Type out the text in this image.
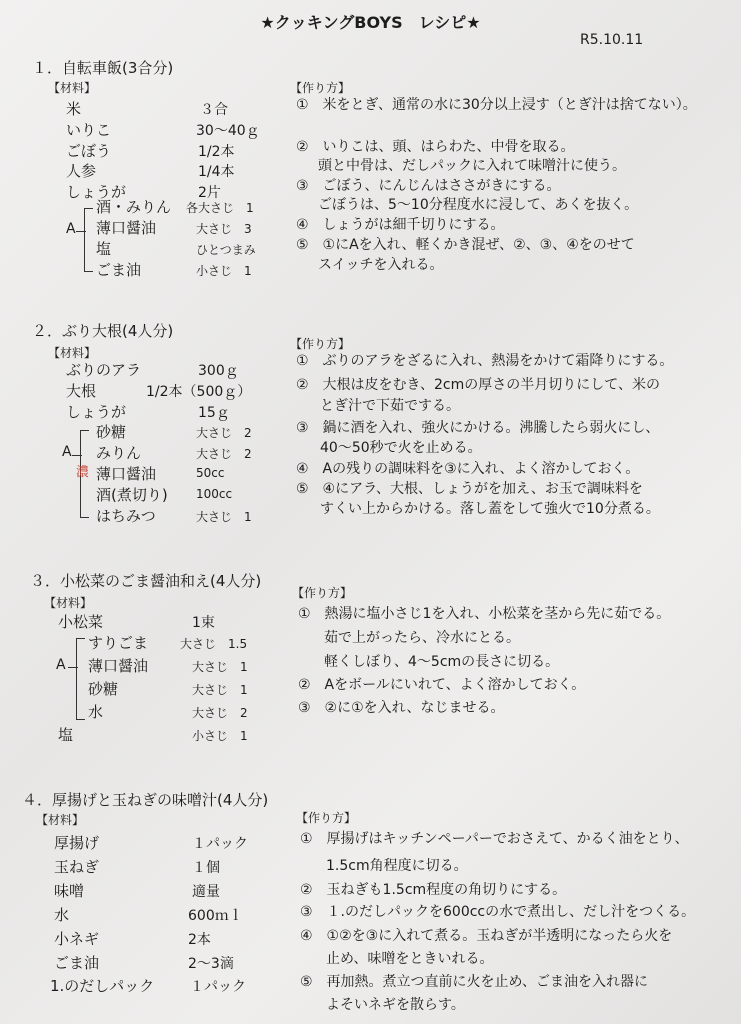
★クッキングBOYS　レシピ★
R5.10.11
１．自転車飯(3合分)
【材料】	【作り方】
米	３合
いりこ	30～40ｇ
ごぼう	1/2本
人参	1/4本
しょうが	2片
A
酒・みりん 各大さじ　1
薄口醤油	大さじ　3
塩	ひとつまみ
ごま油	小さじ　1
①　米をとぎ、通常の水に30分以上浸す（とぎ汁は捨てない）。
②　いりこは、頭、はらわた、中骨を取る。
頭と中骨は、だしパックに入れて味噌汁に使う。
③　ごぼう、にんじんはささがきにする。
ごぼうは、5～10分程度水に浸して、あくを抜く。
④　しょうがは細千切りにする。
⑤　①にAを入れ、軽くかき混ぜ、②、③、④をのせて
スイッチを入れる。
２．ぶり大根(4人分)
【材料】
【作り方】
ぶりのアラ	300ｇ
大根	1/2本（500ｇ）
しょうが	15ｇ
A
濃
砂糖	大さじ　2
みりん	大さじ　2
薄口醤油	50cc
酒(煮切り) 100cc
はちみつ	大さじ　1
①　ぶりのアラをざるに入れ、熱湯をかけて霜降りにする。
②　大根は皮をむき、2cmの厚さの半月切りにして、米の
とぎ汁で下茹でする。
③　鍋に酒を入れ、強火にかける。沸騰したら弱火にし、
40～50秒で火を止める。
④　Aの残りの調味料を③に入れ、よく溶かしておく。
⑤　④にアラ、大根、しょうがを加え、お玉で調味料を
すくい上からかける。落し蓋をして強火で10分煮る。
３．小松菜のごま醤油和え(4人分)
【材料】
【作り方】
小松菜	1束
A
すりごま	大さじ　1.5
薄口醤油	大さじ　1
砂糖	大さじ　1
水	大さじ　2
塩	小さじ　1
①　熱湯に塩小さじ1を入れ、小松菜を茎から先に茹でる。
茹で上がったら、冷水にとる。
軽くしぼり、4～5cmの長さに切る。
②　Aをボールにいれて、よく溶かしておく。
③　②に①を入れ、なじませる。
４．厚揚げと玉ねぎの味噌汁(4人分)
【材料】	【作り方】
厚揚げ	１パック
玉ねぎ	１個
味噌	適量
水	600ｍｌ
小ネギ	2本
ごま油	2～3滴
1.のだしパック	１パック
①　厚揚げはキッチンペーパーでおさえて、かるく油をとり、
1.5cm角程度に切る。
②　玉ねぎも1.5cm程度の角切りにする。
③　１.のだしパックを600ccの水で煮出し、だし汁をつくる。
④　①②を③に入れて煮る。玉ねぎが半透明になったら火を
止め、味噌をときいれる。
⑤　再加熱。煮立つ直前に火を止め、ごま油を入れ器に
よそいネギを散らす。
